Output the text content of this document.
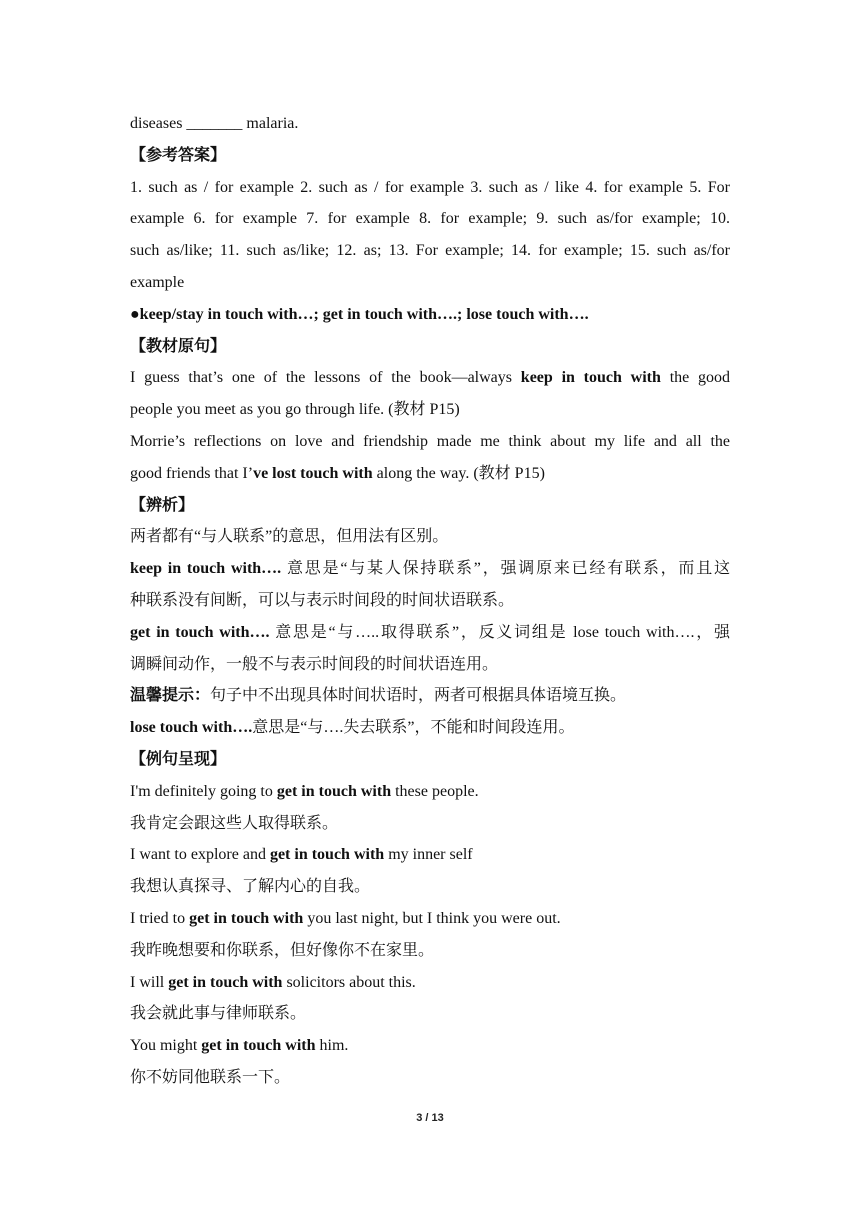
diseases _______ malaria.
【参考答案】
1. such as / for example 2. such as / for example 3. such as / like 4. for example 5. For
example 6. for example 7. for example 8. for example; 9. such as/for example; 10.
such as/like; 11. such as/like; 12. as; 13. For example; 14. for example; 15. such as/for
example
●keep/stay in touch with…; get in touch with….; lose touch with….
【教材原句】
I guess that’s one of the lessons of the book—always keep in touch with the good
people you meet as you go through life. (教材 P15)
Morrie’s reflections on love and friendship made me think about my life and all the
good friends that I’ve lost touch with along the way. (教材 P15)
【辨析】
两者都有“与人联系”的意思，但用法有区别。
keep in touch with…. 意思是“与某人保持联系”，强调原来已经有联系，而且这
种联系没有间断，可以与表示时间段的时间状语联系。
get in touch with…. 意思是“与…..取得联系”，反义词组是 lose touch with….，强
调瞬间动作，一般不与表示时间段的时间状语连用。
温馨提示：句子中不出现具体时间状语时，两者可根据具体语境互换。
lose touch with….意思是“与….失去联系”，不能和时间段连用。
【例句呈现】
I'm definitely going to get in touch with these people.
我肯定会跟这些人取得联系。
I want to explore and get in touch with my inner self
我想认真探寻、了解内心的自我。
I tried to get in touch with you last night, but I think you were out.
我昨晚想要和你联系，但好像你不在家里。
I will get in touch with solicitors about this.
我会就此事与律师联系。
You might get in touch with him.
你不妨同他联系一下。
3 / 13
